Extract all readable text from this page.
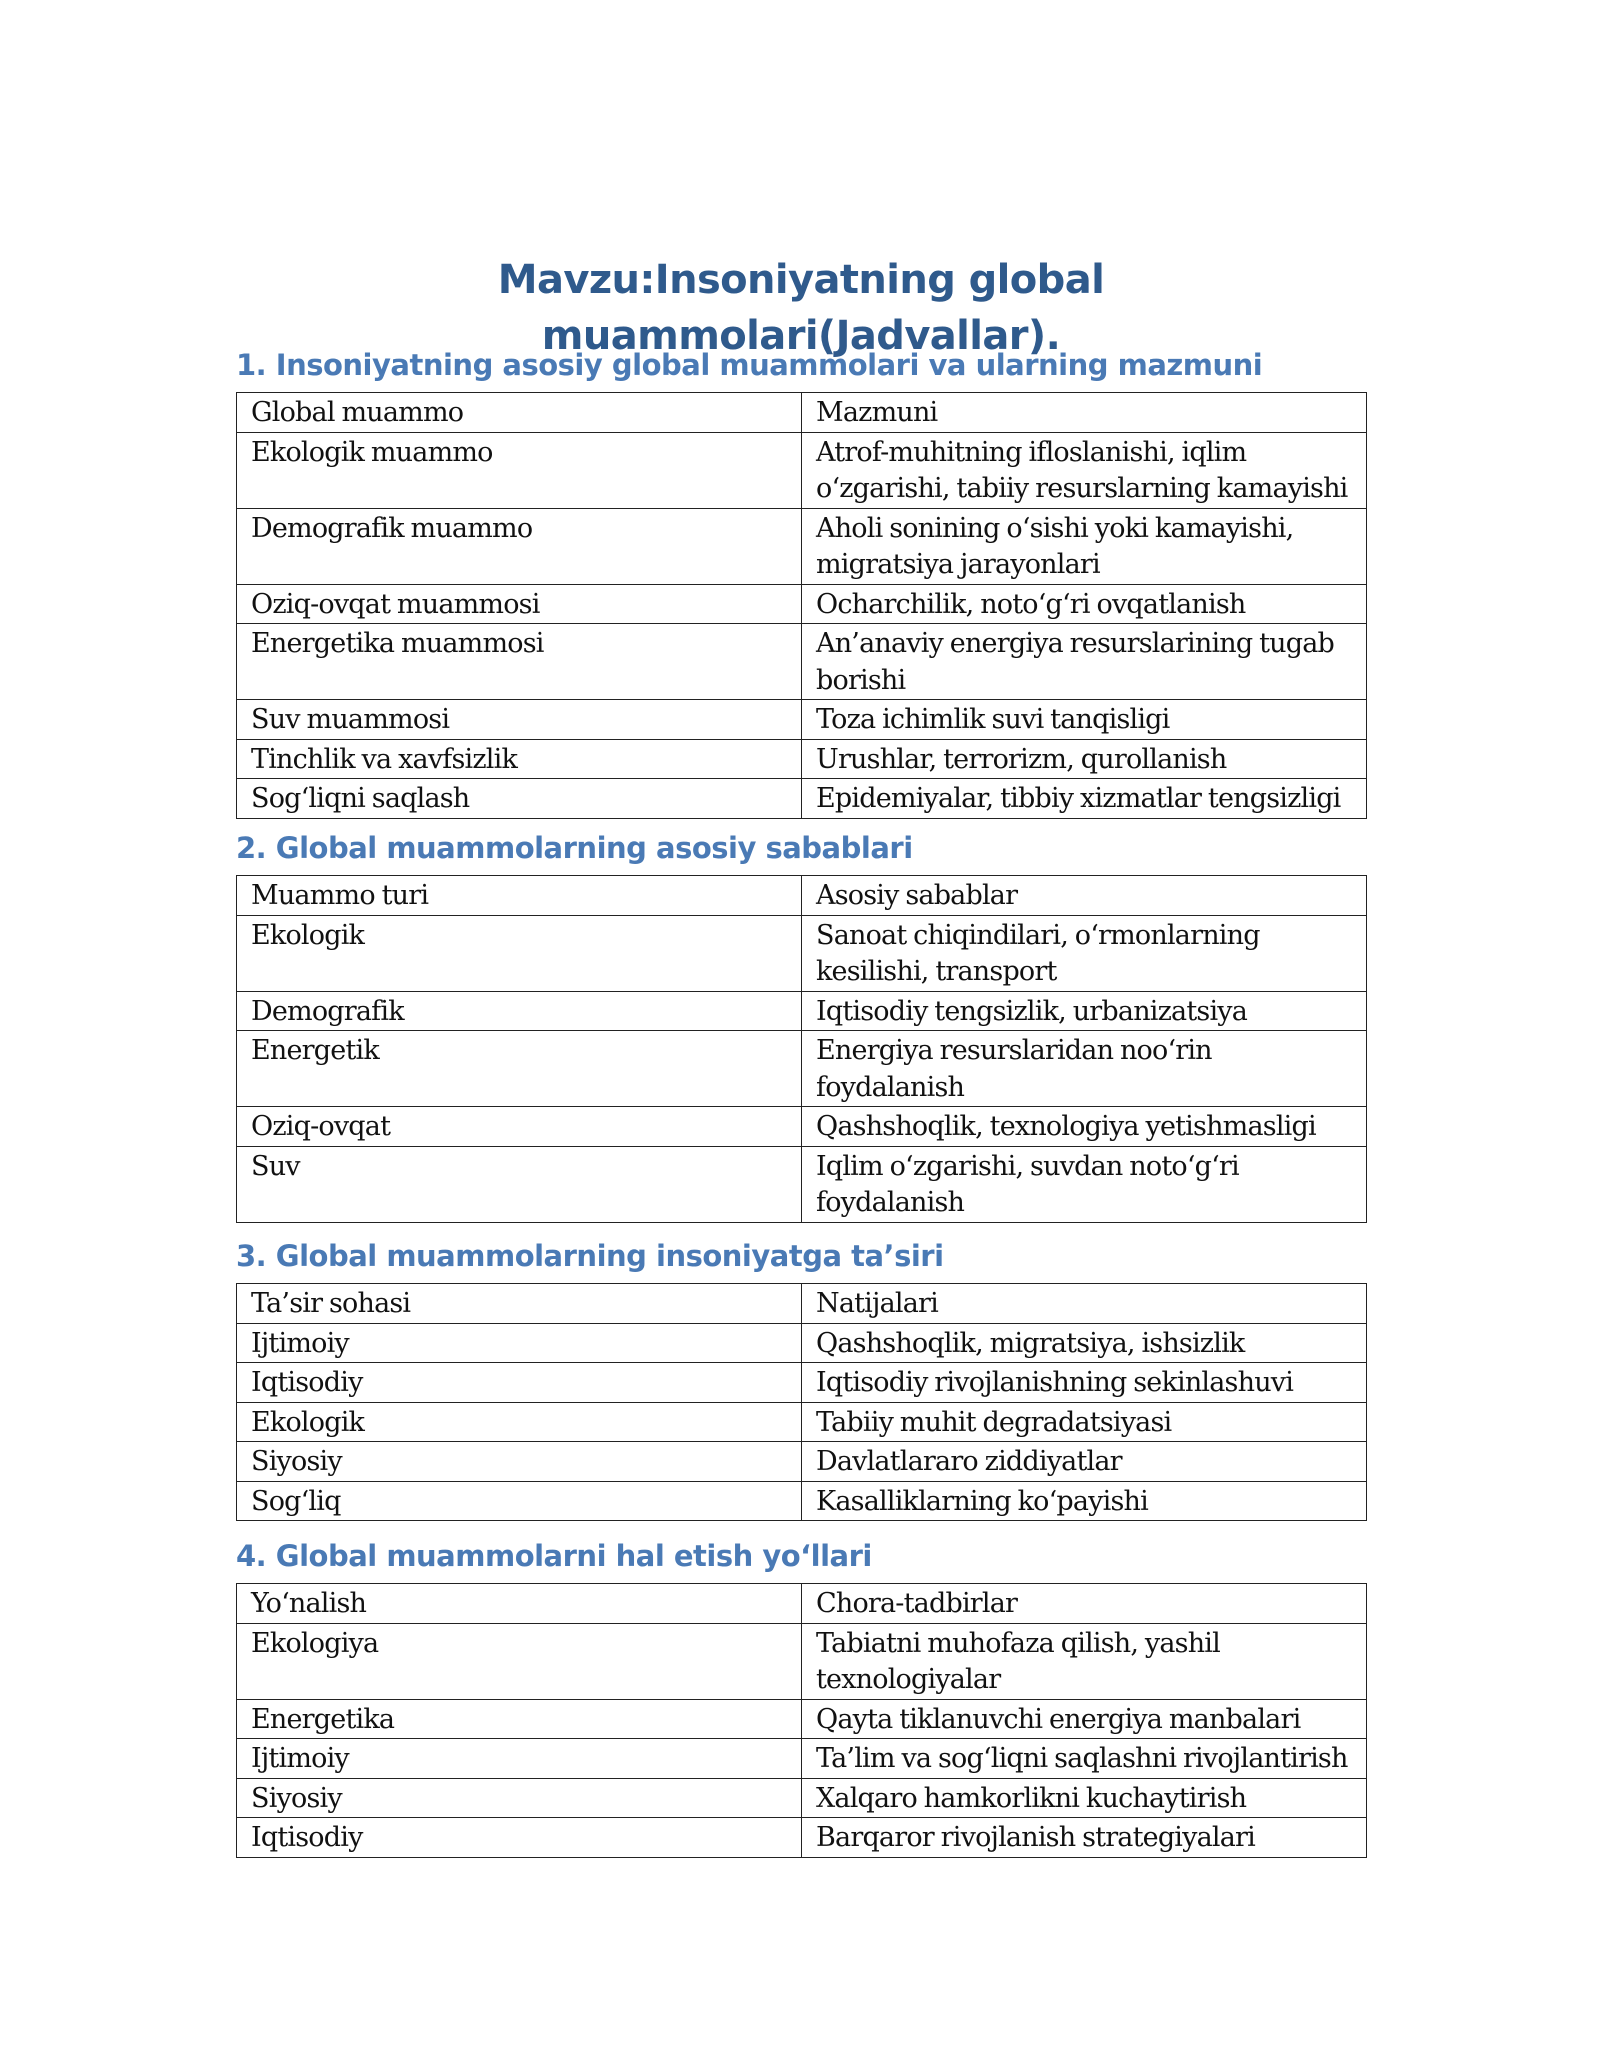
Mavzu:Insoniyatning global muammolari(Jadvallar).
1. Insoniyatning asosiy global muammolari va ularning mazmuni
Global muammo	Mazmuni
Ekologik muammo	Atrof-muhitning ifloslanishi, iqlim o‘zgarishi, tabiiy resurslarning kamayishi
Demografik muammo	Aholi sonining o‘sishi yoki kamayishi, migratsiya jarayonlari
Oziq-ovqat muammosi	Ocharchilik, noto‘g‘ri ovqatlanish
Energetika muammosi	An’anaviy energiya resurslarining tugab borishi
Suv muammosi	Toza ichimlik suvi tanqisligi
Tinchlik va xavfsizlik	Urushlar, terrorizm, qurollanish
Sog‘liqni saqlash	Epidemiyalar, tibbiy xizmatlar tengsizligi
2. Global muammolarning asosiy sabablari
Muammo turi	Asosiy sabablar
Ekologik	Sanoat chiqindilari, o‘rmonlarning kesilishi, transport
Demografik	Iqtisodiy tengsizlik, urbanizatsiya
Energetik	Energiya resurslaridan noo‘rin foydalanish
Oziq-ovqat	Qashshoqlik, texnologiya yetishmasligi
Suv	Iqlim o‘zgarishi, suvdan noto‘g‘ri foydalanish
3. Global muammolarning insoniyatga ta’siri
Ta’sir sohasi	Natijalari
Ijtimoiy	Qashshoqlik, migratsiya, ishsizlik
Iqtisodiy	Iqtisodiy rivojlanishning sekinlashuvi
Ekologik	Tabiiy muhit degradatsiyasi
Siyosiy	Davlatlararo ziddiyatlar
Sog‘liq	Kasalliklarning ko‘payishi
4. Global muammolarni hal etish yo‘llari
Yo‘nalish	Chora-tadbirlar
Ekologiya	Tabiatni muhofaza qilish, yashil texnologiyalar
Energetika	Qayta tiklanuvchi energiya manbalari
Ijtimoiy	Ta’lim va sog‘liqni saqlashni rivojlantirish
Siyosiy	Xalqaro hamkorlikni kuchaytirish
Iqtisodiy	Barqaror rivojlanish strategiyalari
